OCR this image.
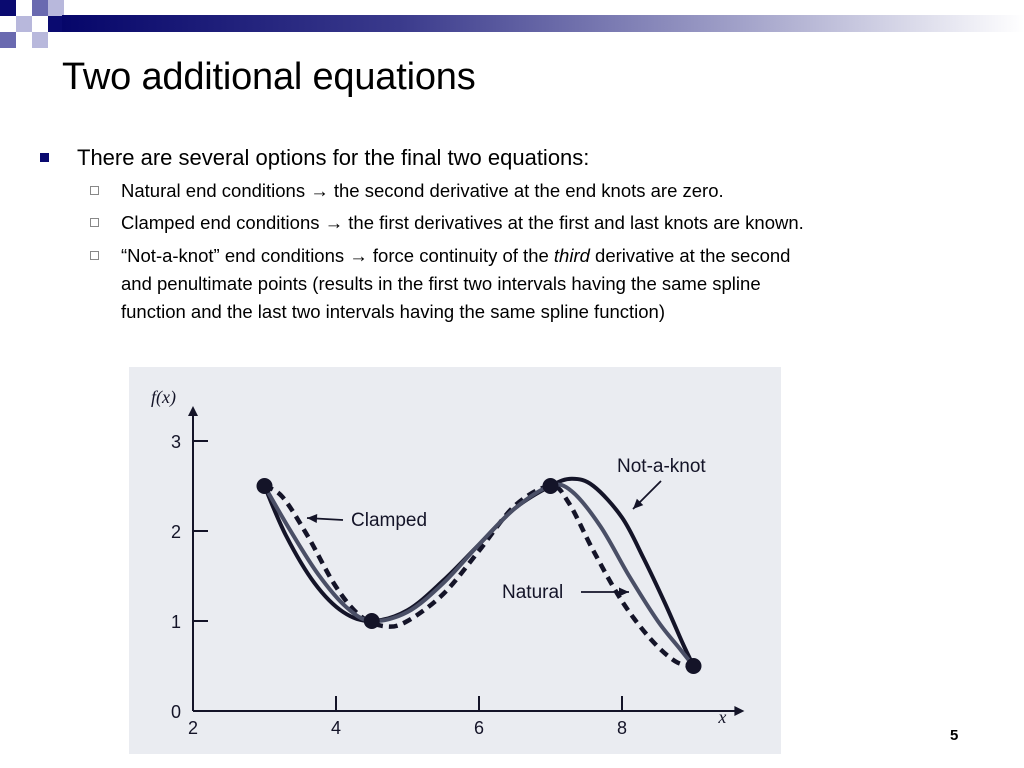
Two additional equations
There are several options for the final two equations:
Natural end conditions → the second derivative at the end knots are zero.
Clamped end conditions → the first derivatives at the first and last knots are known.
“Not-a-knot” end conditions → force continuity of the third derivative at the second
and penultimate points (results in the first two intervals having the same spline
function and the last two intervals having the same spline function)
2	4	6	8
0
1
2
3
x
f(x)
Not-a-knot
Clamped
Natural
5
